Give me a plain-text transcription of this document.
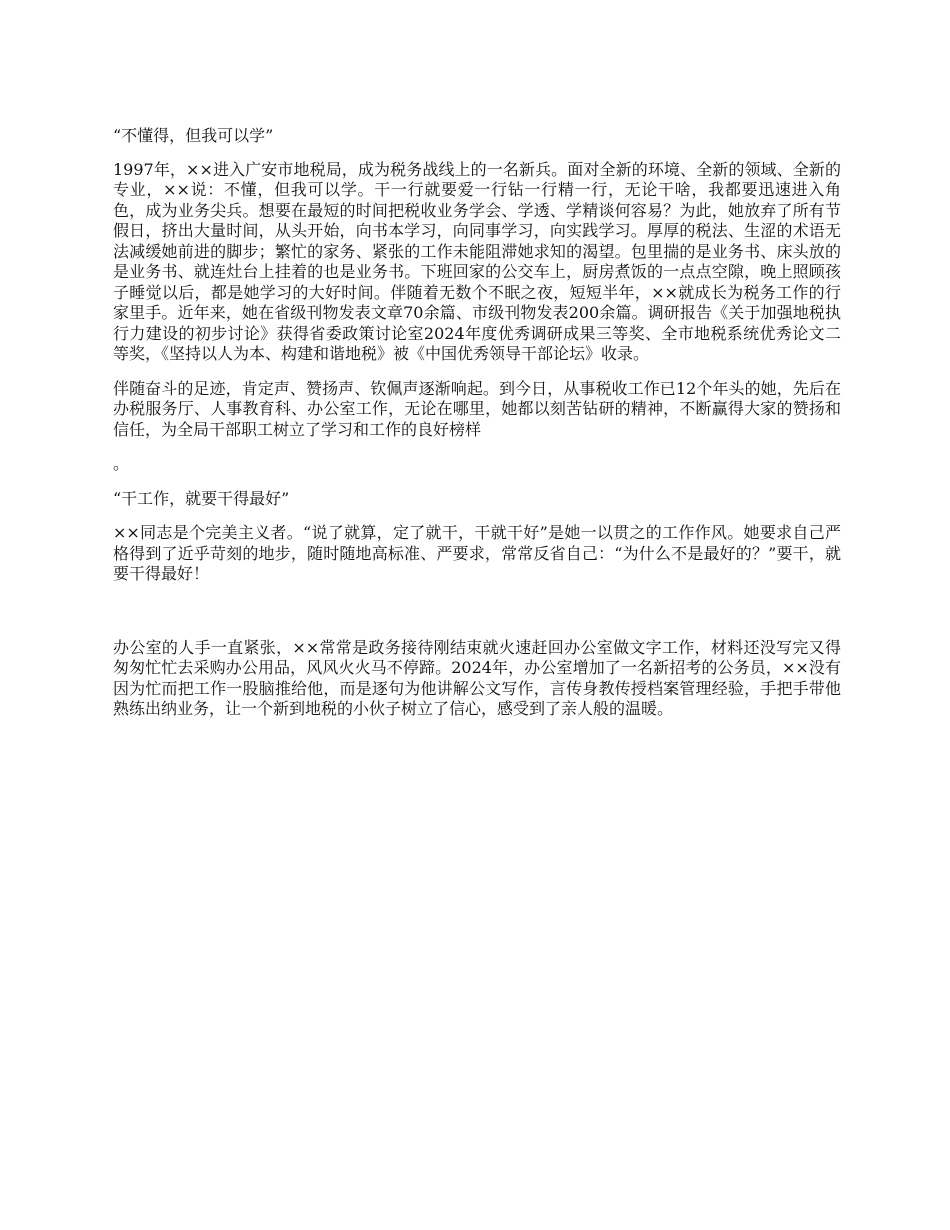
“不懂得，但我可以学”

1997年，××进入广安市地税局，成为税务战线上的一名新兵。面对全新的环境、全新的领域、全新的专业，××说：不懂，但我可以学。干一行就要爱一行钻一行精一行，无论干啥，我都要迅速进入角色，成为业务尖兵。想要在最短的时间把税收业务学会、学透、学精谈何容易？为此，她放弃了所有节假日，挤出大量时间，从头开始，向书本学习，向同事学习，向实践学习。厚厚的税法、生涩的术语无法减缓她前进的脚步；繁忙的家务、紧张的工作未能阻滞她求知的渴望。包里揣的是业务书、床头放的是业务书、就连灶台上挂着的也是业务书。下班回家的公交车上，厨房煮饭的一点点空隙，晚上照顾孩子睡觉以后，都是她学习的大好时间。伴随着无数个不眠之夜，短短半年，××就成长为税务工作的行家里手。近年来，她在省级刊物发表文章70余篇、市级刊物发表200余篇。调研报告《关于加强地税执行力建设的初步讨论》获得省委政策讨论室2024年度优秀调研成果三等奖、全市地税系统优秀论文二等奖，《坚持以人为本、构建和谐地税》被《中国优秀领导干部论坛》收录。

伴随奋斗的足迹，肯定声、赞扬声、钦佩声逐渐响起。到今日，从事税收工作已12个年头的她，先后在办税服务厅、人事教育科、办公室工作，无论在哪里，她都以刻苦钻研的精神，不断赢得大家的赞扬和信任，为全局干部职工树立了学习和工作的良好榜样

。

“干工作，就要干得最好”

××同志是个完美主义者。“说了就算，定了就干，干就干好”是她一以贯之的工作作风。她要求自己严格得到了近乎苛刻的地步，随时随地高标准、严要求，常常反省自己：“为什么不是最好的？”要干，就要干得最好！

办公室的人手一直紧张，××常常是政务接待刚结束就火速赶回办公室做文字工作，材料还没写完又得匆匆忙忙去采购办公用品，风风火火马不停蹄。2024年，办公室增加了一名新招考的公务员，××没有因为忙而把工作一股脑推给他，而是逐句为他讲解公文写作，言传身教传授档案管理经验，手把手带他熟练出纳业务，让一个新到地税的小伙子树立了信心，感受到了亲人般的温暖。
